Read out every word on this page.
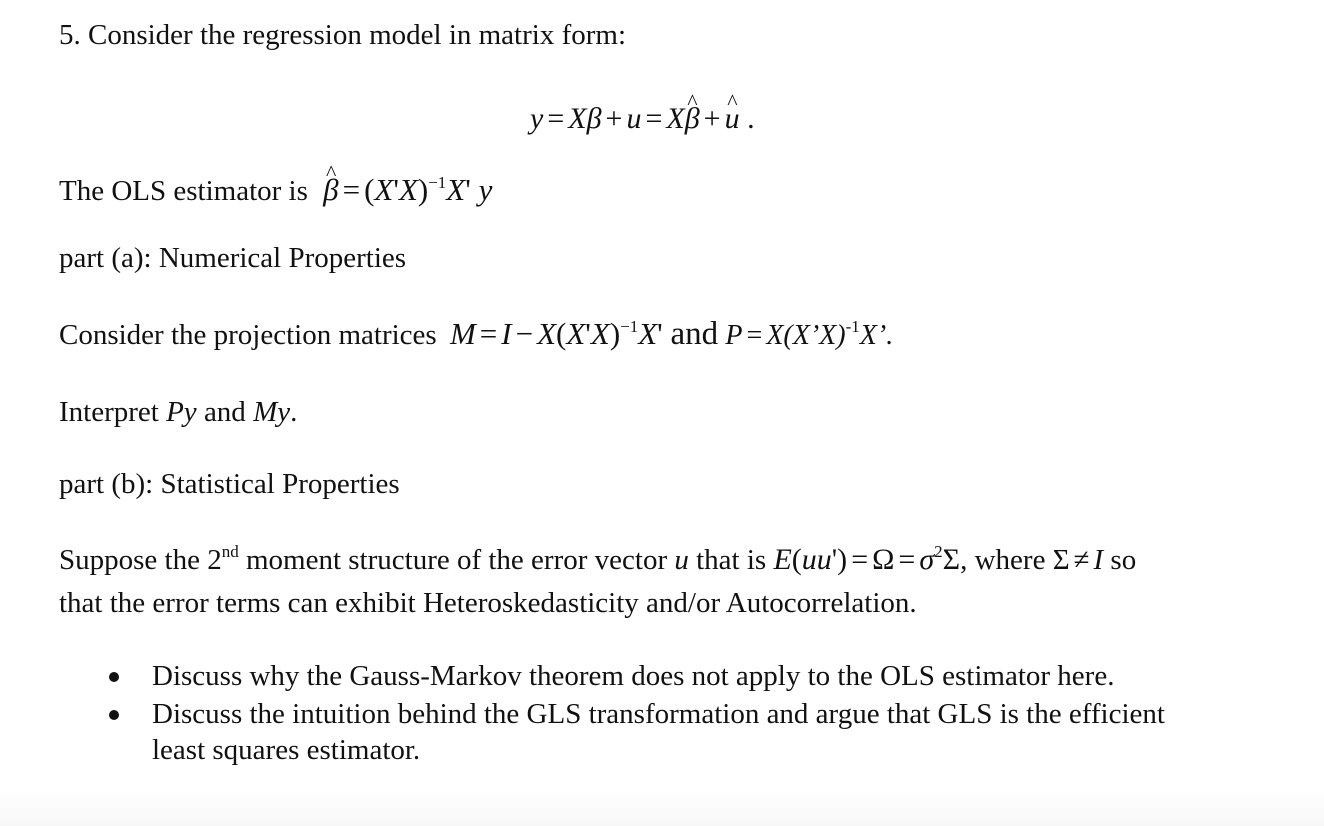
5. Consider the regression model in matrix form:
y = Xβ + u = X^ β + ^ u .
The OLS estimator is ^ $\beta = (X'X)^{-1}X'$ y
part (a): Numerical Properties
Consider the projection matrices $M = I - X(X'X)^{-1}X'$ and P = X(X’X)$^{-1}$X’.
Interpret Py and My.
part (b): Statistical Properties
Suppose the 2nd moment structure of the error vector u that is $E(uu') = \Omega = \sigma^2\Sigma$, where Σ ≠ I so
that the error terms can exhibit Heteroskedasticity and/or Autocorrelation.
Discuss why the Gauss-Markov theorem does not apply to the OLS estimator here.
Discuss the intuition behind the GLS transformation and argue that GLS is the efficient
least squares estimator.
